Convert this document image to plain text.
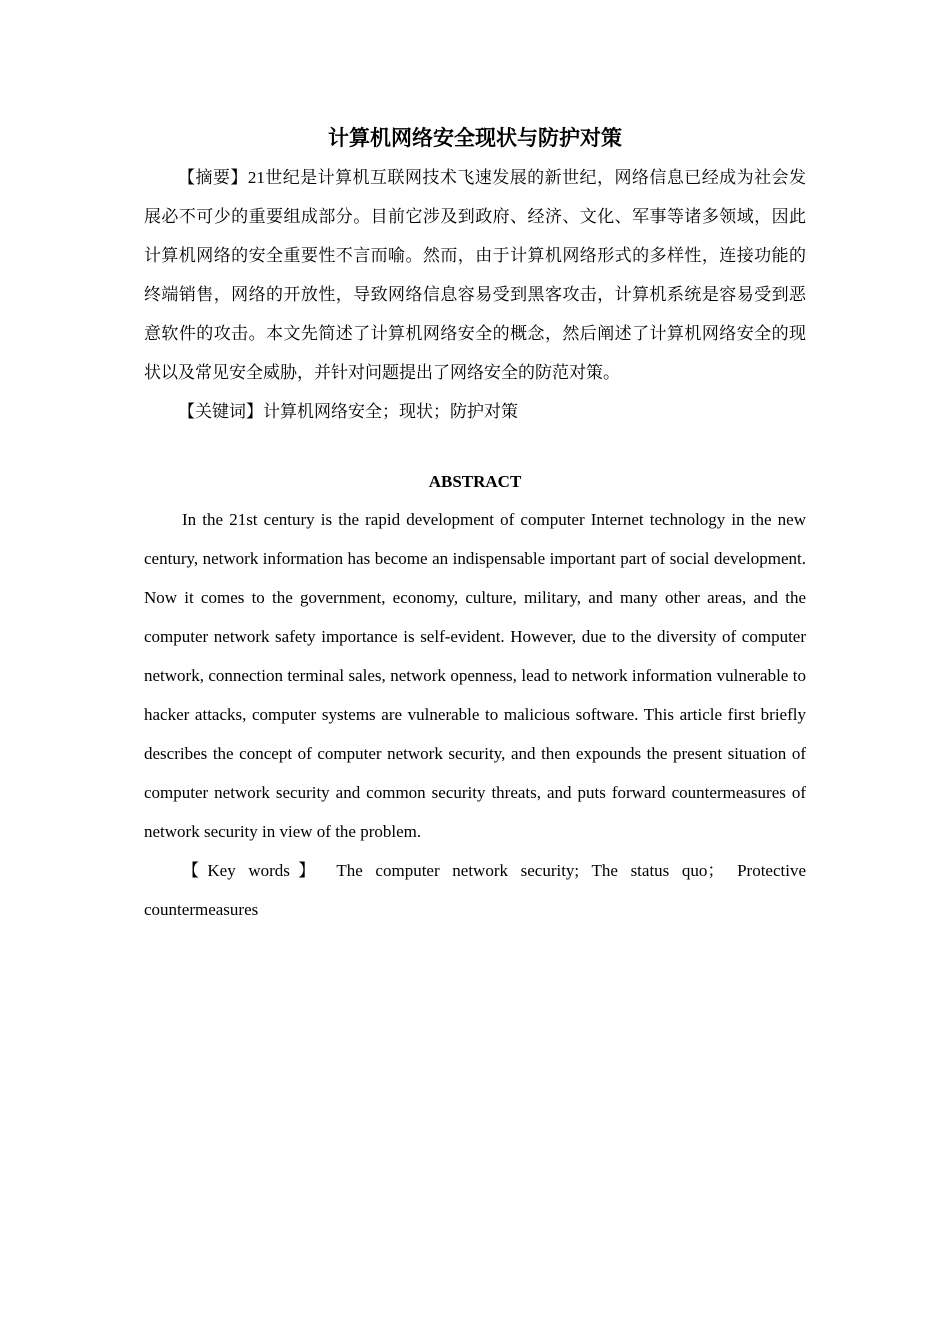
计算机网络安全现状与防护对策

【摘要】21世纪是计算机互联网技术飞速发展的新世纪，网络信息已经成为社会发展必不可少的重要组成部分。目前它涉及到政府、经济、文化、军事等诸多领域，因此计算机网络的安全重要性不言而喻。然而，由于计算机网络形式的多样性，连接功能的终端销售，网络的开放性，导致网络信息容易受到黑客攻击，计算机系统是容易受到恶意软件的攻击。本文先简述了计算机网络安全的概念，然后阐述了计算机网络安全的现状以及常见安全威胁，并针对问题提出了网络安全的防范对策。

【关键词】计算机网络安全；现状；防护对策

ABSTRACT

In the 21st century is the rapid development of computer Internet technology in the new century, network information has become an indispensable important part of social development. Now it comes to the government, economy, culture, military, and many other areas, and the computer network safety importance is self-evident. However, due to the diversity of computer network, connection terminal sales, network openness, lead to network information vulnerable to hacker attacks, computer systems are vulnerable to malicious software. This article first briefly describes the concept of computer network security, and then expounds the present situation of computer network security and common security threats, and puts forward countermeasures of network security in view of the problem.

【Key words】 The computer network security; The status quo； Protective countermeasures
